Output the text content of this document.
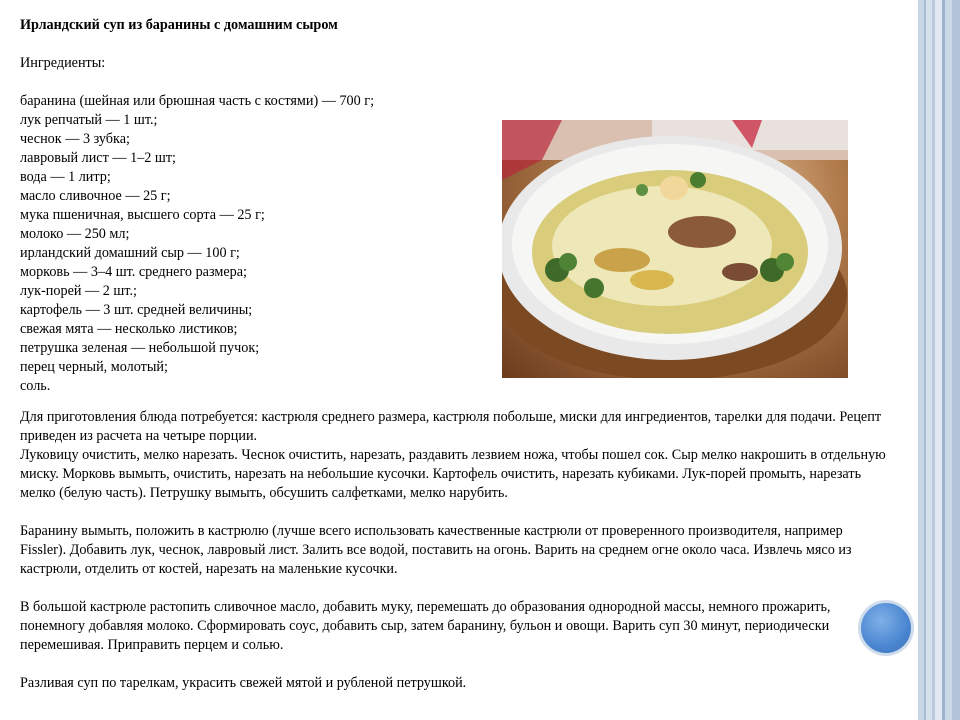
Ирландский суп из баранины с домашним сыром
Ингредиенты:
баранина (шейная или брюшная часть с костями) — 700 г;
лук репчатый — 1 шт.;
чеснок — 3 зубка;
лавровый лист — 1–2 шт;
вода — 1 литр;
масло сливочное — 25 г;
мука пшеничная, высшего сорта — 25 г;
молоко — 250 мл;
ирландский домашний сыр — 100 г;
морковь — 3–4 шт. среднего размера;
лук-порей — 2 шт.;
картофель — 3 шт. средней величины;
свежая мята — несколько листиков;
петрушка зеленая — небольшой пучок;
перец черный, молотый;
соль.

Для приготовления блюда потребуется: кастрюля среднего размера, кастрюля побольше, миски для ингредиентов, тарелки для подачи. Рецепт приведен из расчета на четыре порции.

Луковицу очистить, мелко нарезать. Чеснок очистить, нарезать, раздавить лезвием ножа, чтобы пошел сок. Сыр мелко накрошить в отдельную миску. Морковь вымыть, очистить, нарезать на небольшие кусочки. Картофель очистить, нарезать кубиками. Лук-порей промыть, нарезать мелко (белую часть). Петрушку вымыть, обсушить салфетками, мелко нарубить.

Баранину вымыть, положить в кастрюлю (лучше всего использовать качественные кастрюли от проверенного производителя, например Fissler). Добавить лук, чеснок, лавровый лист. Залить все водой, поставить на огонь. Варить на среднем огне около часа. Извлечь мясо из кастрюли, отделить от костей, нарезать на маленькие кусочки.

В большой кастрюле растопить сливочное масло, добавить муку, перемешать до образования однородной массы, немного прожарить, понемногу добавляя молоко. Сформировать соус, добавить сыр, затем баранину, бульон и овощи. Варить суп 30 минут, периодически перемешивая. Приправить перцем и солью.

Разливая суп по тарелкам, украсить свежей мятой и рубленой петрушкой.
